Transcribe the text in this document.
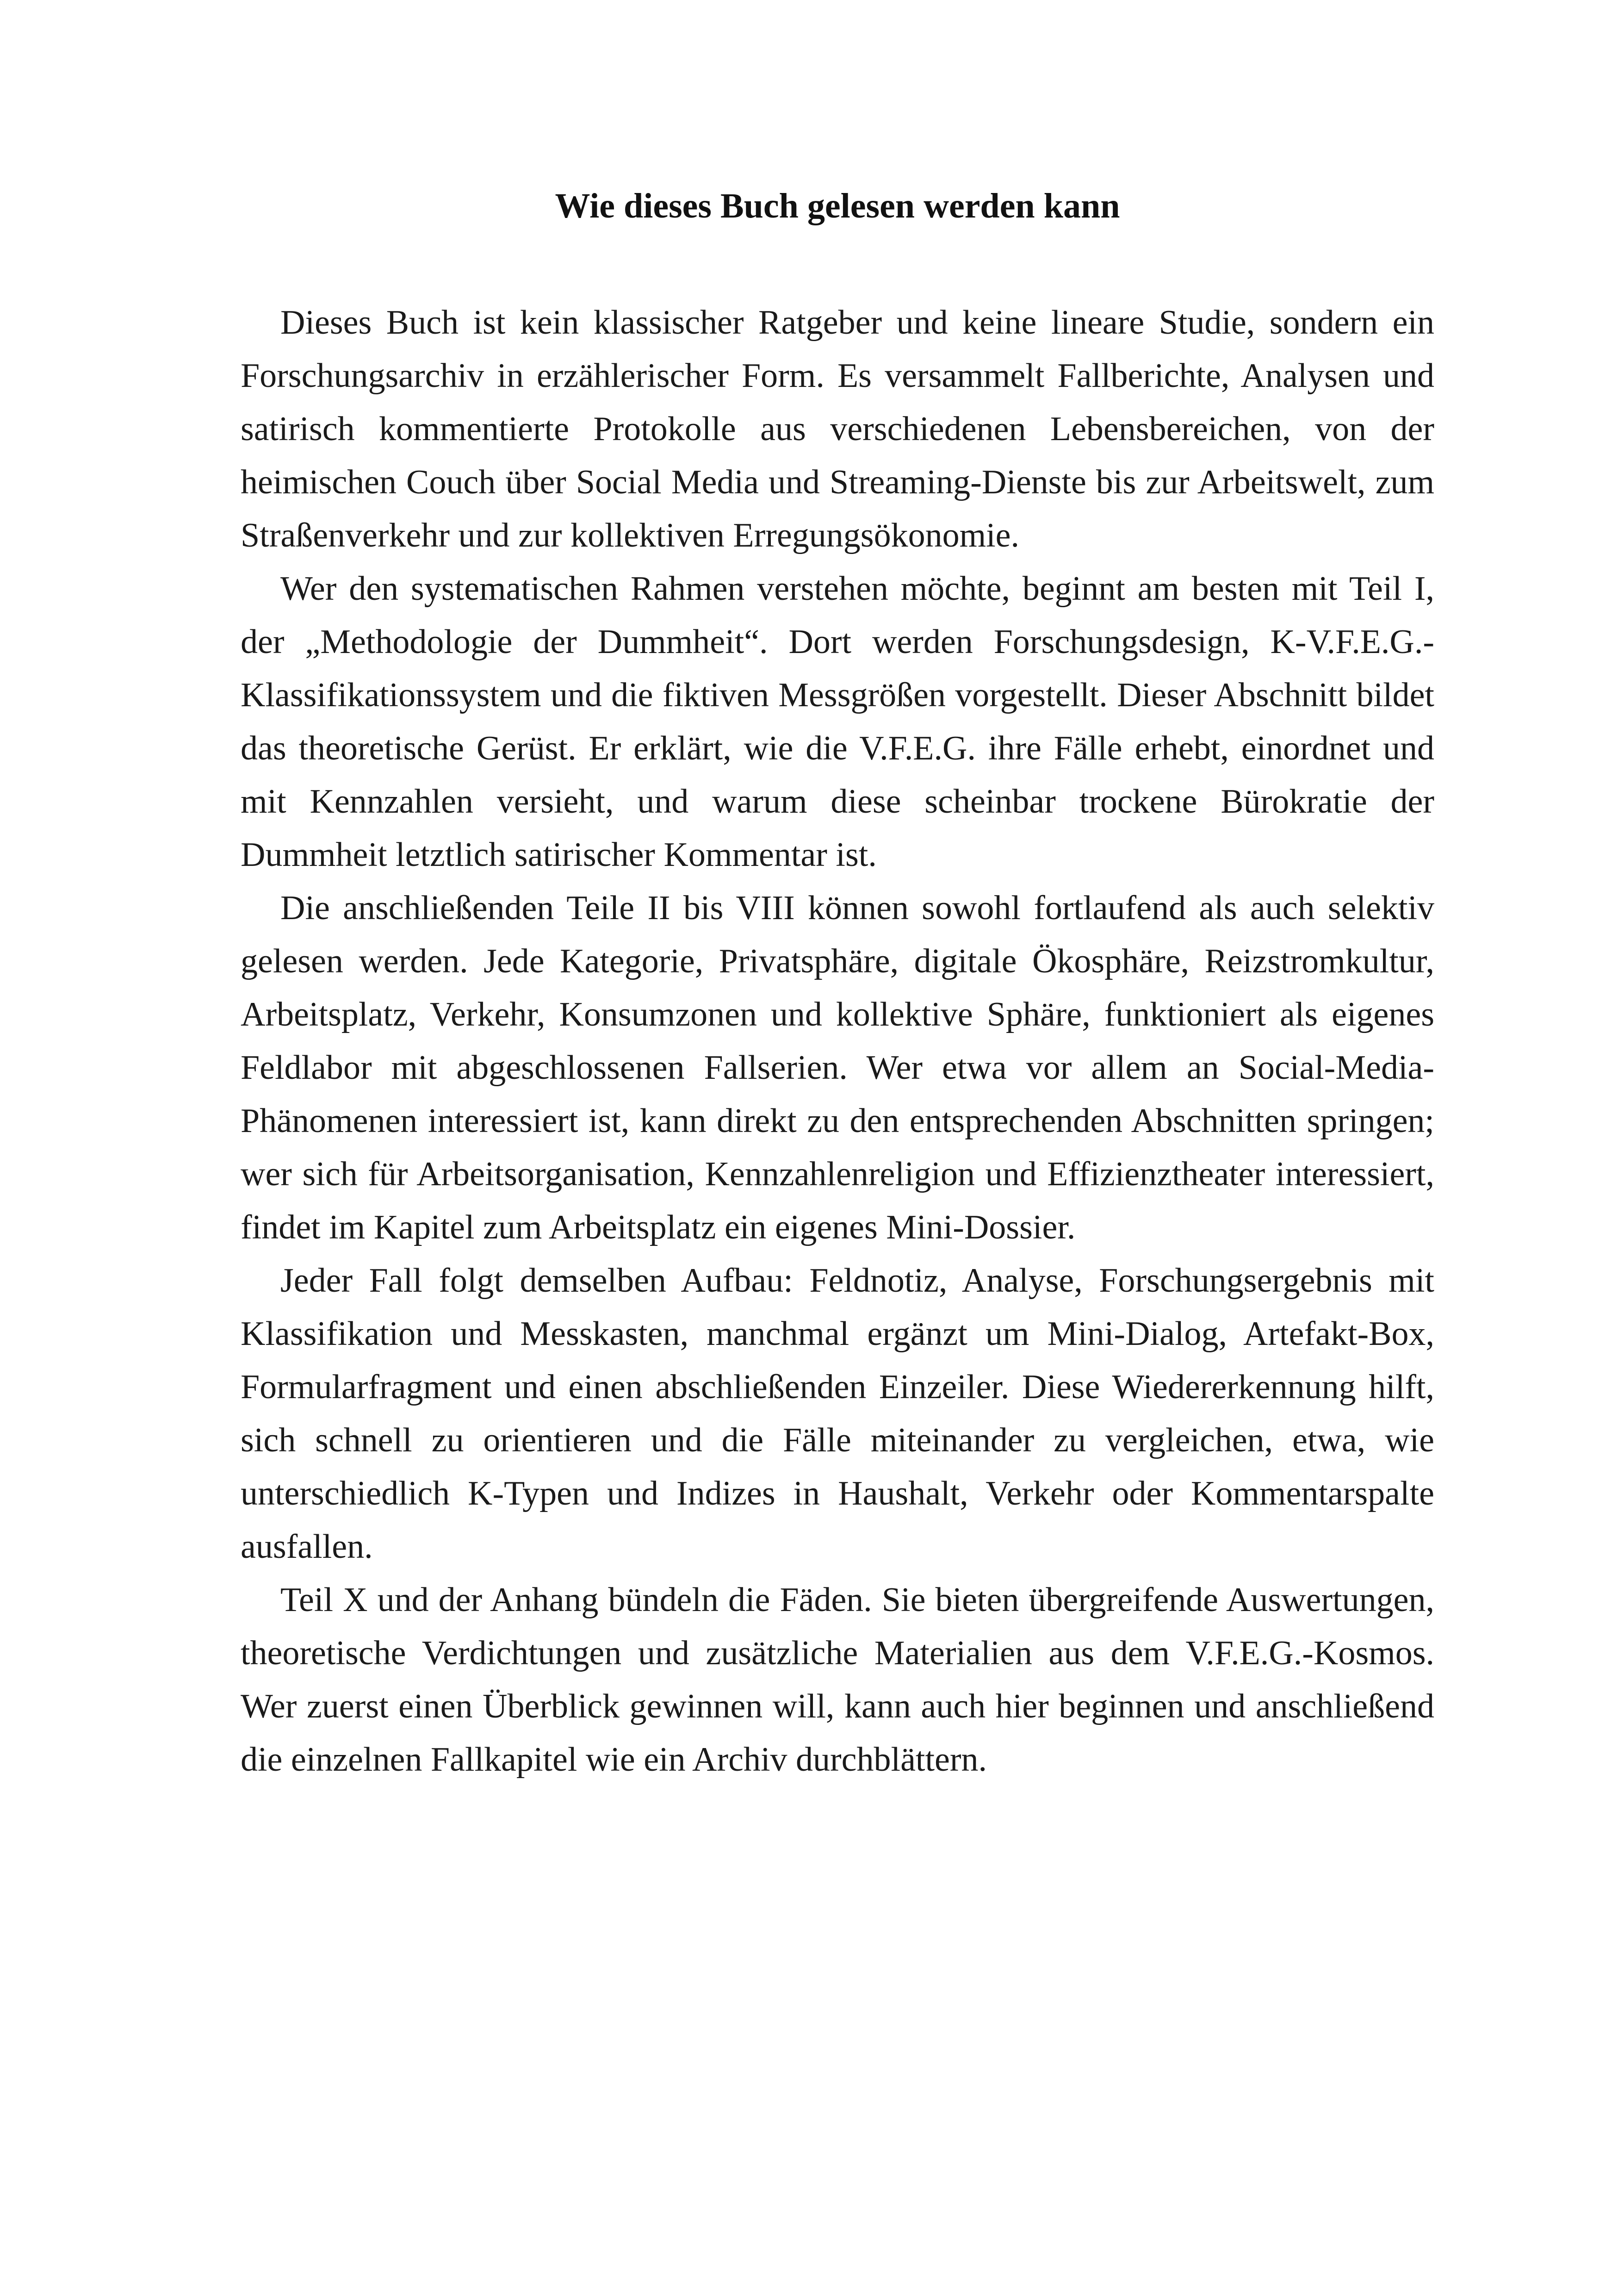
Wie dieses Buch gelesen werden kann

Dieses Buch ist kein klassischer Ratgeber und keine lineare Studie, sondern ein Forschungsarchiv in erzählerischer Form. Es versammelt Fallberichte, Analysen und satirisch kommentierte Protokolle aus verschiedenen Lebensbereichen, von der heimischen Couch über Social Media und Streaming-Dienste bis zur Arbeitswelt, zum Straßenverkehr und zur kollektiven Erregungsökonomie.

Wer den systematischen Rahmen verstehen möchte, beginnt am besten mit Teil I, der „Methodologie der Dummheit“. Dort werden Forschungsdesign, K-V.F.E.G.-Klassifikationssystem und die fiktiven Messgrößen vorgestellt. Dieser Abschnitt bildet das theoretische Gerüst. Er erklärt, wie die V.F.E.G. ihre Fälle erhebt, einordnet und mit Kennzahlen versieht, und warum diese scheinbar trockene Bürokratie der Dummheit letztlich satirischer Kommentar ist.

Die anschließenden Teile II bis VIII können sowohl fortlaufend als auch selektiv gelesen werden. Jede Kategorie, Privatsphäre, digitale Ökosphäre, Reizstromkultur, Arbeitsplatz, Verkehr, Konsumzonen und kollektive Sphäre, funktioniert als eigenes Feldlabor mit abgeschlossenen Fallserien. Wer etwa vor allem an Social-Media-Phänomenen interessiert ist, kann direkt zu den entsprechenden Abschnitten springen; wer sich für Arbeitsorganisation, Kennzahlenreligion und Effizienztheater interessiert, findet im Kapitel zum Arbeitsplatz ein eigenes Mini-Dossier.

Jeder Fall folgt demselben Aufbau: Feldnotiz, Analyse, Forschungsergebnis mit Klassifikation und Messkasten, manchmal ergänzt um Mini-Dialog, Artefakt-Box, Formularfragment und einen abschließenden Einzeiler. Diese Wiedererkennung hilft, sich schnell zu orientieren und die Fälle miteinander zu vergleichen, etwa, wie unterschiedlich K-Typen und Indizes in Haushalt, Verkehr oder Kommentarspalte ausfallen.

Teil X und der Anhang bündeln die Fäden. Sie bieten übergreifende Auswertungen, theoretische Verdichtungen und zusätzliche Materialien aus dem V.F.E.G.-Kosmos. Wer zuerst einen Überblick gewinnen will, kann auch hier beginnen und anschließend die einzelnen Fallkapitel wie ein Archiv durchblättern.
